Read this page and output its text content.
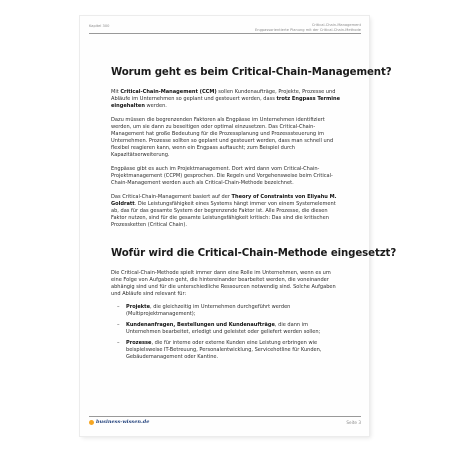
Kapitel 300	Critical-Chain-Management
Engpassorientierte Planung mit der Critical-Chain-Methode
Worum geht es beim Critical-Chain-Management?

Mit Critical-Chain-Management (CCM) sollen Kundenaufträge, Projekte, Prozesse und Abläufe im Unternehmen so geplant und gesteuert werden, dass trotz Engpass Termine eingehalten werden.

Dazu müssen die begrenzenden Faktoren als Engpässe im Unternehmen identifiziert werden, um sie dann zu beseitigen oder optimal einzusetzen. Das Critical-Chain-Management hat große Bedeutung für die Prozessplanung und Prozesssteuerung im Unternehmen. Prozesse sollten so geplant und gesteuert werden, dass man schnell und flexibel reagieren kann, wenn ein Engpass auftaucht; zum Beispiel durch Kapazitätserweiterung.

Engpässe gibt es auch im Projektmanagement. Dort wird dann vom Critical-Chain-Projektmanagement (CCPM) gesprochen. Die Regeln und Vorgehensweise beim Critical-Chain-Management werden auch als Critical-Chain-Methode bezeichnet.

Das Critical-Chain-Management basiert auf der Theory of Constraints von Eliyahu M. Goldratt. Die Leistungsfähigkeit eines Systems hängt immer von einem Systemelement ab, das für das gesamte System der begrenzende Faktor ist. Alle Prozesse, die diesen Faktor nutzen, sind für die gesamte Leistungsfähigkeit kritisch: Das sind die kritischen Prozessketten (Critical Chain).

Wofür wird die Critical-Chain-Methode eingesetzt?

Die Critical-Chain-Methode spielt immer dann eine Rolle im Unternehmen, wenn es um eine Folge von Aufgaben geht, die hintereinander bearbeitet werden, die voneinander abhängig sind und für die unterschiedliche Ressourcen notwendig sind. Solche Aufgaben und Abläufe sind relevant für:

– Projekte, die gleichzeitig im Unternehmen durchgeführt werden (Multiprojektmanagement);
– Kundenanfragen, Bestellungen und Kundenaufträge, die dann im Unternehmen bearbeitet, erledigt und geleistet oder geliefert werden sollen;
– Prozesse, die für interne oder externe Kunden eine Leistung erbringen wie beispielsweise IT-Betreuung, Personalentwicklung, Servicehotline für Kunden, Gebäudemanagement oder Kantine.
business-wissen.de	Seite 3
